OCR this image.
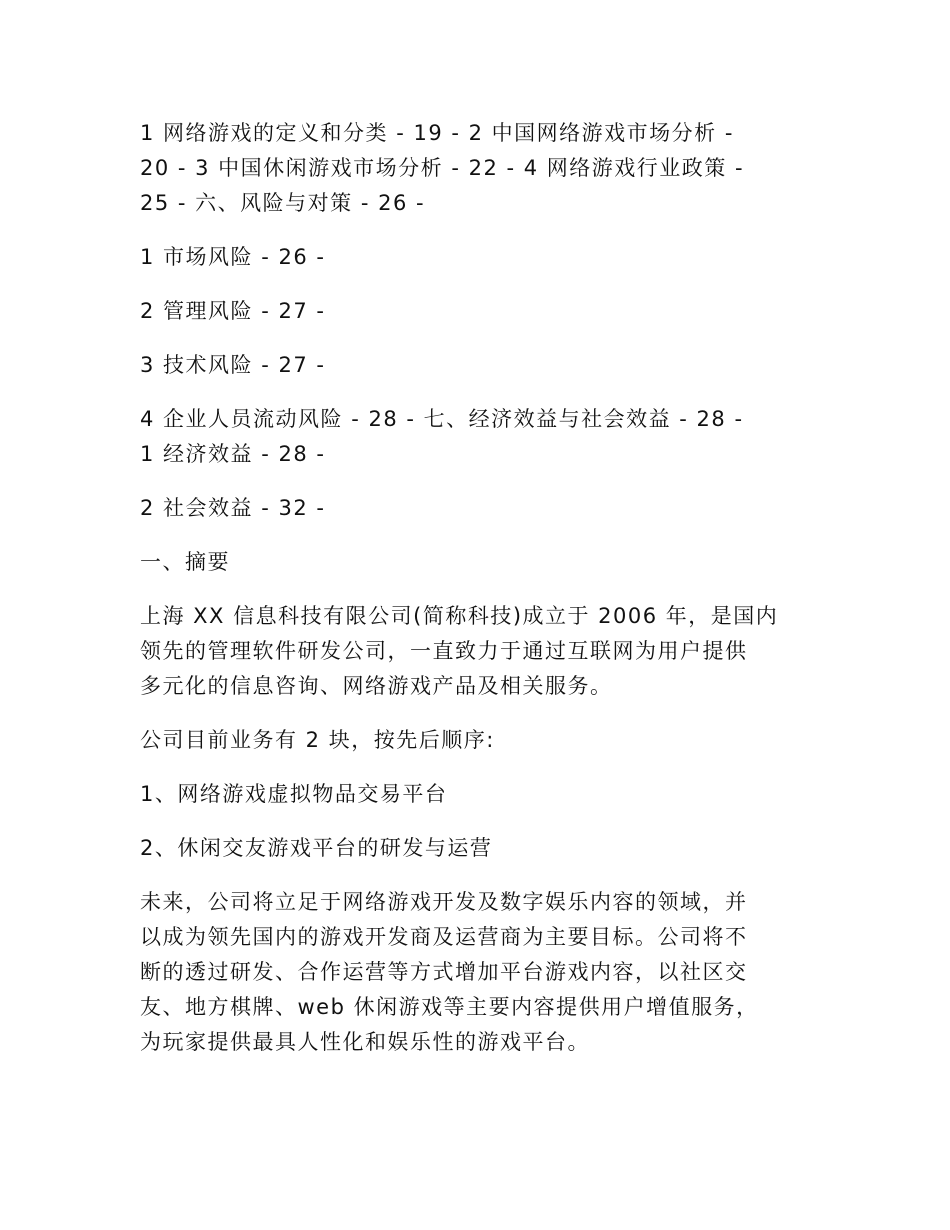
1 网络游戏的定义和分类 - 19 - 2 中国网络游戏市场分析 -
20 - 3 中国休闲游戏市场分析 - 22 - 4 网络游戏行业政策 -
25 - 六、风险与对策 - 26 -

1 市场风险 - 26 -

2 管理风险 - 27 -

3 技术风险 - 27 -

4 企业人员流动风险 - 28 - 七、经济效益与社会效益 - 28 -
1 经济效益 - 28 -

2 社会效益 - 32 -

一、摘要

上海 XX 信息科技有限公司(简称科技)成立于 2006 年，是国内
领先的管理软件研发公司，一直致力于通过互联网为用户提供
多元化的信息咨询、网络游戏产品及相关服务。

公司目前业务有 2 块，按先后顺序:

1、网络游戏虚拟物品交易平台

2、休闲交友游戏平台的研发与运营

未来，公司将立足于网络游戏开发及数字娱乐内容的领域，并
以成为领先国内的游戏开发商及运营商为主要目标。公司将不
断的透过研发、合作运营等方式增加平台游戏内容，以社区交
友、地方棋牌、web 休闲游戏等主要内容提供用户增值服务，
为玩家提供最具人性化和娱乐性的游戏平台。
